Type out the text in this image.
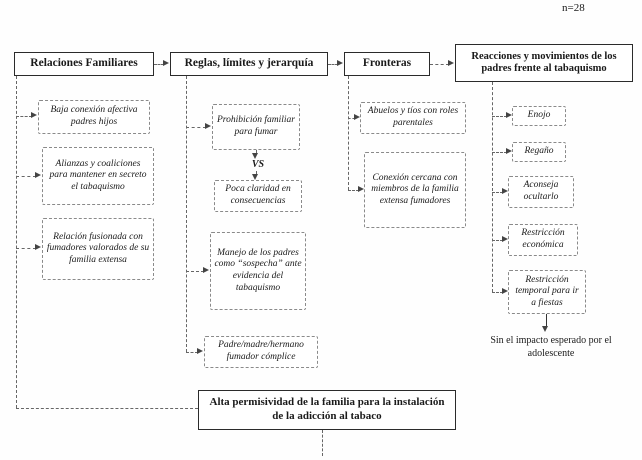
n=28
Relaciones Familiares	Reglas, límites y jerarquía	Fronteras
Reacciones y movimientos de los padres frente al tabaquismo
Baja conexión afectiva padres hijos
Alianzas y coaliciones para mantener en secreto el tabaquismo
Relación fusionada con fumadores valorados de su familia extensa
Prohibición familiar para fumar
VS
Poca claridad en consecuencias
Manejo de los padres como “sospecha” ante evidencia del tabaquismo
Padre/madre/hermano fumador cómplice
Abuelos y tíos con roles parentales
Conexión cercana con miembros de la familia extensa fumadores
Enojo
Regaño
Aconseja ocultarlo
Restricción económica
Restricción temporal para ir a fiestas
Sin el impacto esperado por el adolescente
Alta permisividad de la familia para la instalación de la adicción al tabaco
